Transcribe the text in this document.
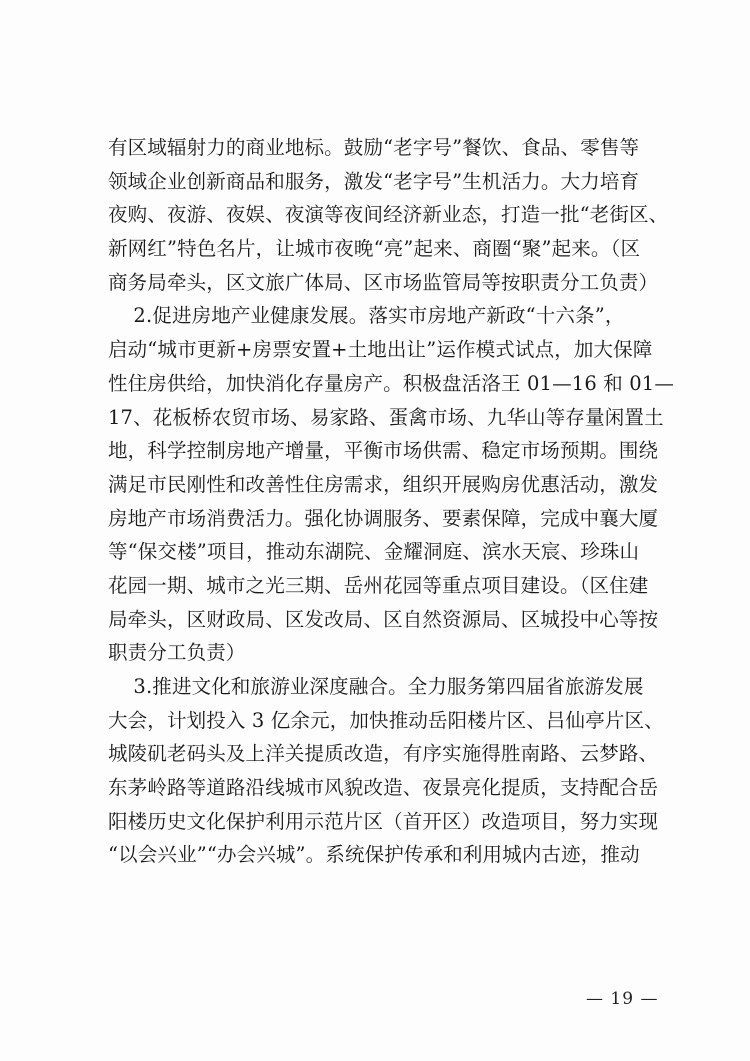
有区域辐射力的商业地标。鼓励“老字号”餐饮、食品、零售等
领域企业创新商品和服务，激发“老字号”生机活力。大力培育
夜购、夜游、夜娱、夜演等夜间经济新业态，打造一批“老街区、
新网红”特色名片，让城市夜晚“亮”起来、商圈“聚”起来。（区
商务局牵头，区文旅广体局、区市场监管局等按职责分工负责）
2.促进房地产业健康发展。落实市房地产新政“十六条”，
启动“城市更新+房票安置+土地出让”运作模式试点，加大保障
性住房供给，加快消化存量房产。积极盘活洛王 01—16 和 01—
17、花板桥农贸市场、易家路、蛋禽市场、九华山等存量闲置土
地，科学控制房地产增量，平衡市场供需、稳定市场预期。围绕
满足市民刚性和改善性住房需求，组织开展购房优惠活动，激发
房地产市场消费活力。强化协调服务、要素保障，完成中襄大厦
等“保交楼”项目，推动东湖院、金耀洞庭、滨水天宸、珍珠山
花园一期、城市之光三期、岳州花园等重点项目建设。（区住建
局牵头，区财政局、区发改局、区自然资源局、区城投中心等按
职责分工负责）
3.推进文化和旅游业深度融合。全力服务第四届省旅游发展
大会，计划投入 3 亿余元，加快推动岳阳楼片区、吕仙亭片区、
城陵矶老码头及上洋关提质改造，有序实施得胜南路、云梦路、
东茅岭路等道路沿线城市风貌改造、夜景亮化提质，支持配合岳
阳楼历史文化保护利用示范片区（首开区）改造项目，努力实现
“以会兴业”“办会兴城”。系统保护传承和利用城内古迹，推动
— 19 —
